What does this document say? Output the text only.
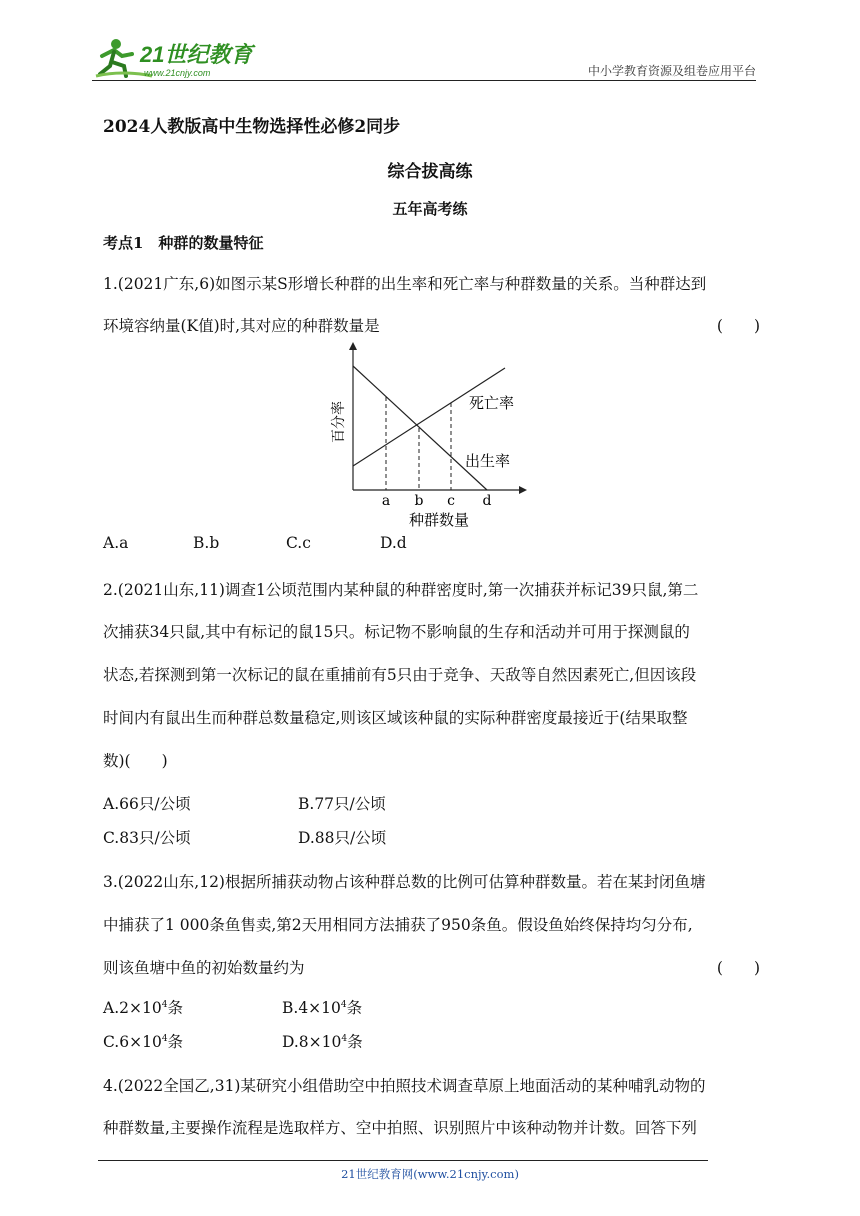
21世纪教育
www.21cnjy.com	中小学教育资源及组卷应用平台
2024人教版高中生物选择性必修2同步
综合拔高练
五年高考练
考点1　种群的数量特征
1.(2021广东,6)如图示某S形增长种群的出生率和死亡率与种群数量的关系。当种群达到
环境容纳量(K值)时,其对应的种群数量是	(　　)
a b c d
种群数量
百分率	死亡率
出生率
A.a	B.b	C.c	D.d
2.(2021山东,11)调查1公顷范围内某种鼠的种群密度时,第一次捕获并标记39只鼠,第二
次捕获34只鼠,其中有标记的鼠15只。标记物不影响鼠的生存和活动并可用于探测鼠的
状态,若探测到第一次标记的鼠在重捕前有5只由于竞争、天敌等自然因素死亡,但因该段
时间内有鼠出生而种群总数量稳定,则该区域该种鼠的实际种群密度最接近于(结果取整
数)(　　)
A.66只/公顷	B.77只/公顷
C.83只/公顷	D.88只/公顷
3.(2022山东,12)根据所捕获动物占该种群总数的比例可估算种群数量。若在某封闭鱼塘
中捕获了1 000条鱼售卖,第2天用相同方法捕获了950条鱼。假设鱼始终保持均匀分布,
则该鱼塘中鱼的初始数量约为	(　　)
$A.2\times 10^4$条	$B.4\times 10^4$条
$C.6\times 10^4$条	$D.8\times 10^4$条
4.(2022全国乙,31)某研究小组借助空中拍照技术调查草原上地面活动的某种哺乳动物的
种群数量,主要操作流程是选取样方、空中拍照、识别照片中该种动物并计数。回答下列
21世纪教育网(www.21cnjy.com)
